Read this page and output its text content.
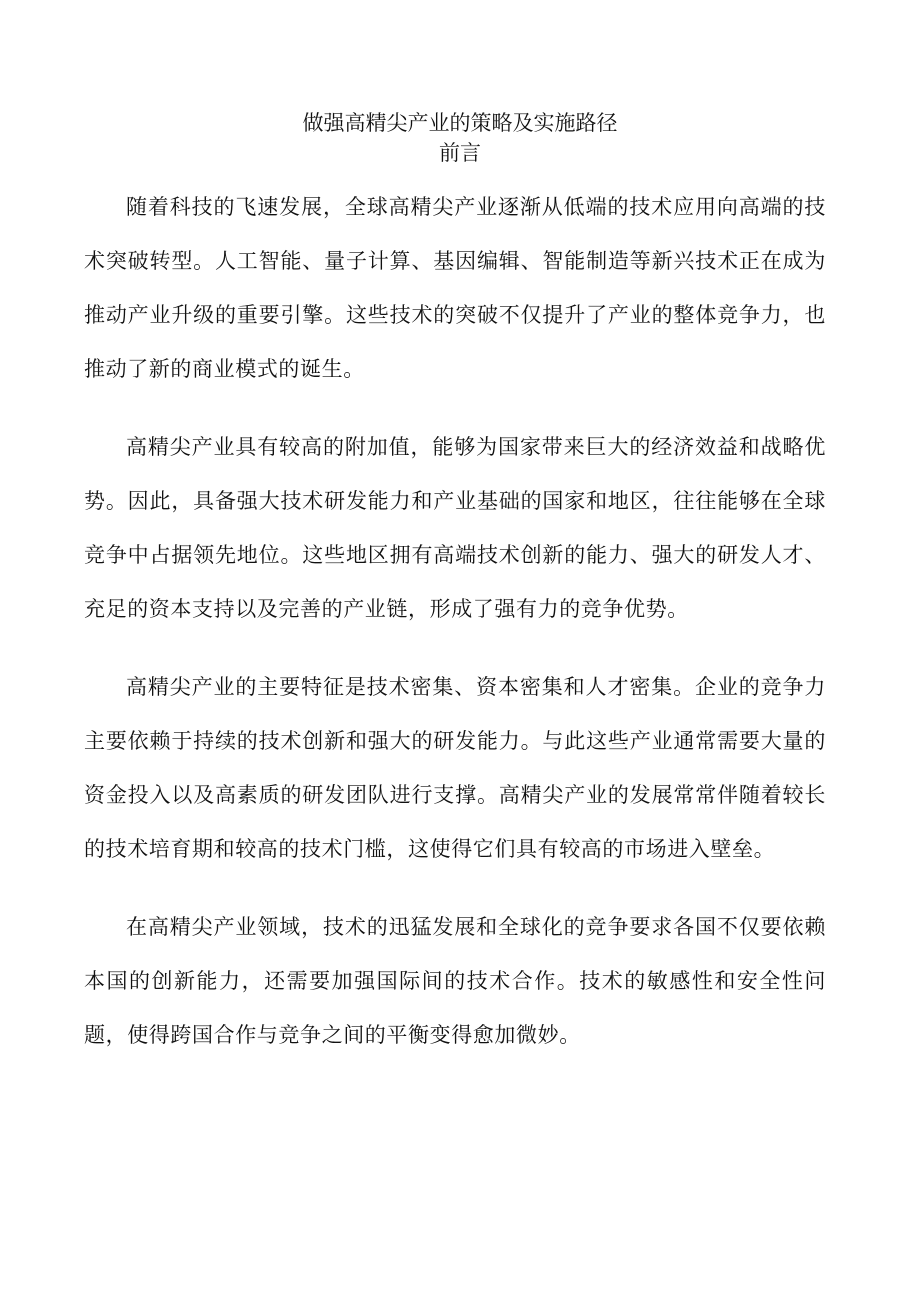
做强高精尖产业的策略及实施路径
前言

随着科技的飞速发展，全球高精尖产业逐渐从低端的技术应用向高端的技术突破转型。人工智能、量子计算、基因编辑、智能制造等新兴技术正在成为推动产业升级的重要引擎。这些技术的突破不仅提升了产业的整体竞争力，也推动了新的商业模式的诞生。

高精尖产业具有较高的附加值，能够为国家带来巨大的经济效益和战略优势。因此，具备强大技术研发能力和产业基础的国家和地区，往往能够在全球竞争中占据领先地位。这些地区拥有高端技术创新的能力、强大的研发人才、充足的资本支持以及完善的产业链，形成了强有力的竞争优势。

高精尖产业的主要特征是技术密集、资本密集和人才密集。企业的竞争力主要依赖于持续的技术创新和强大的研发能力。与此这些产业通常需要大量的资金投入以及高素质的研发团队进行支撑。高精尖产业的发展常常伴随着较长的技术培育期和较高的技术门槛，这使得它们具有较高的市场进入壁垒。

在高精尖产业领域，技术的迅猛发展和全球化的竞争要求各国不仅要依赖本国的创新能力，还需要加强国际间的技术合作。技术的敏感性和安全性问题，使得跨国合作与竞争之间的平衡变得愈加微妙。
